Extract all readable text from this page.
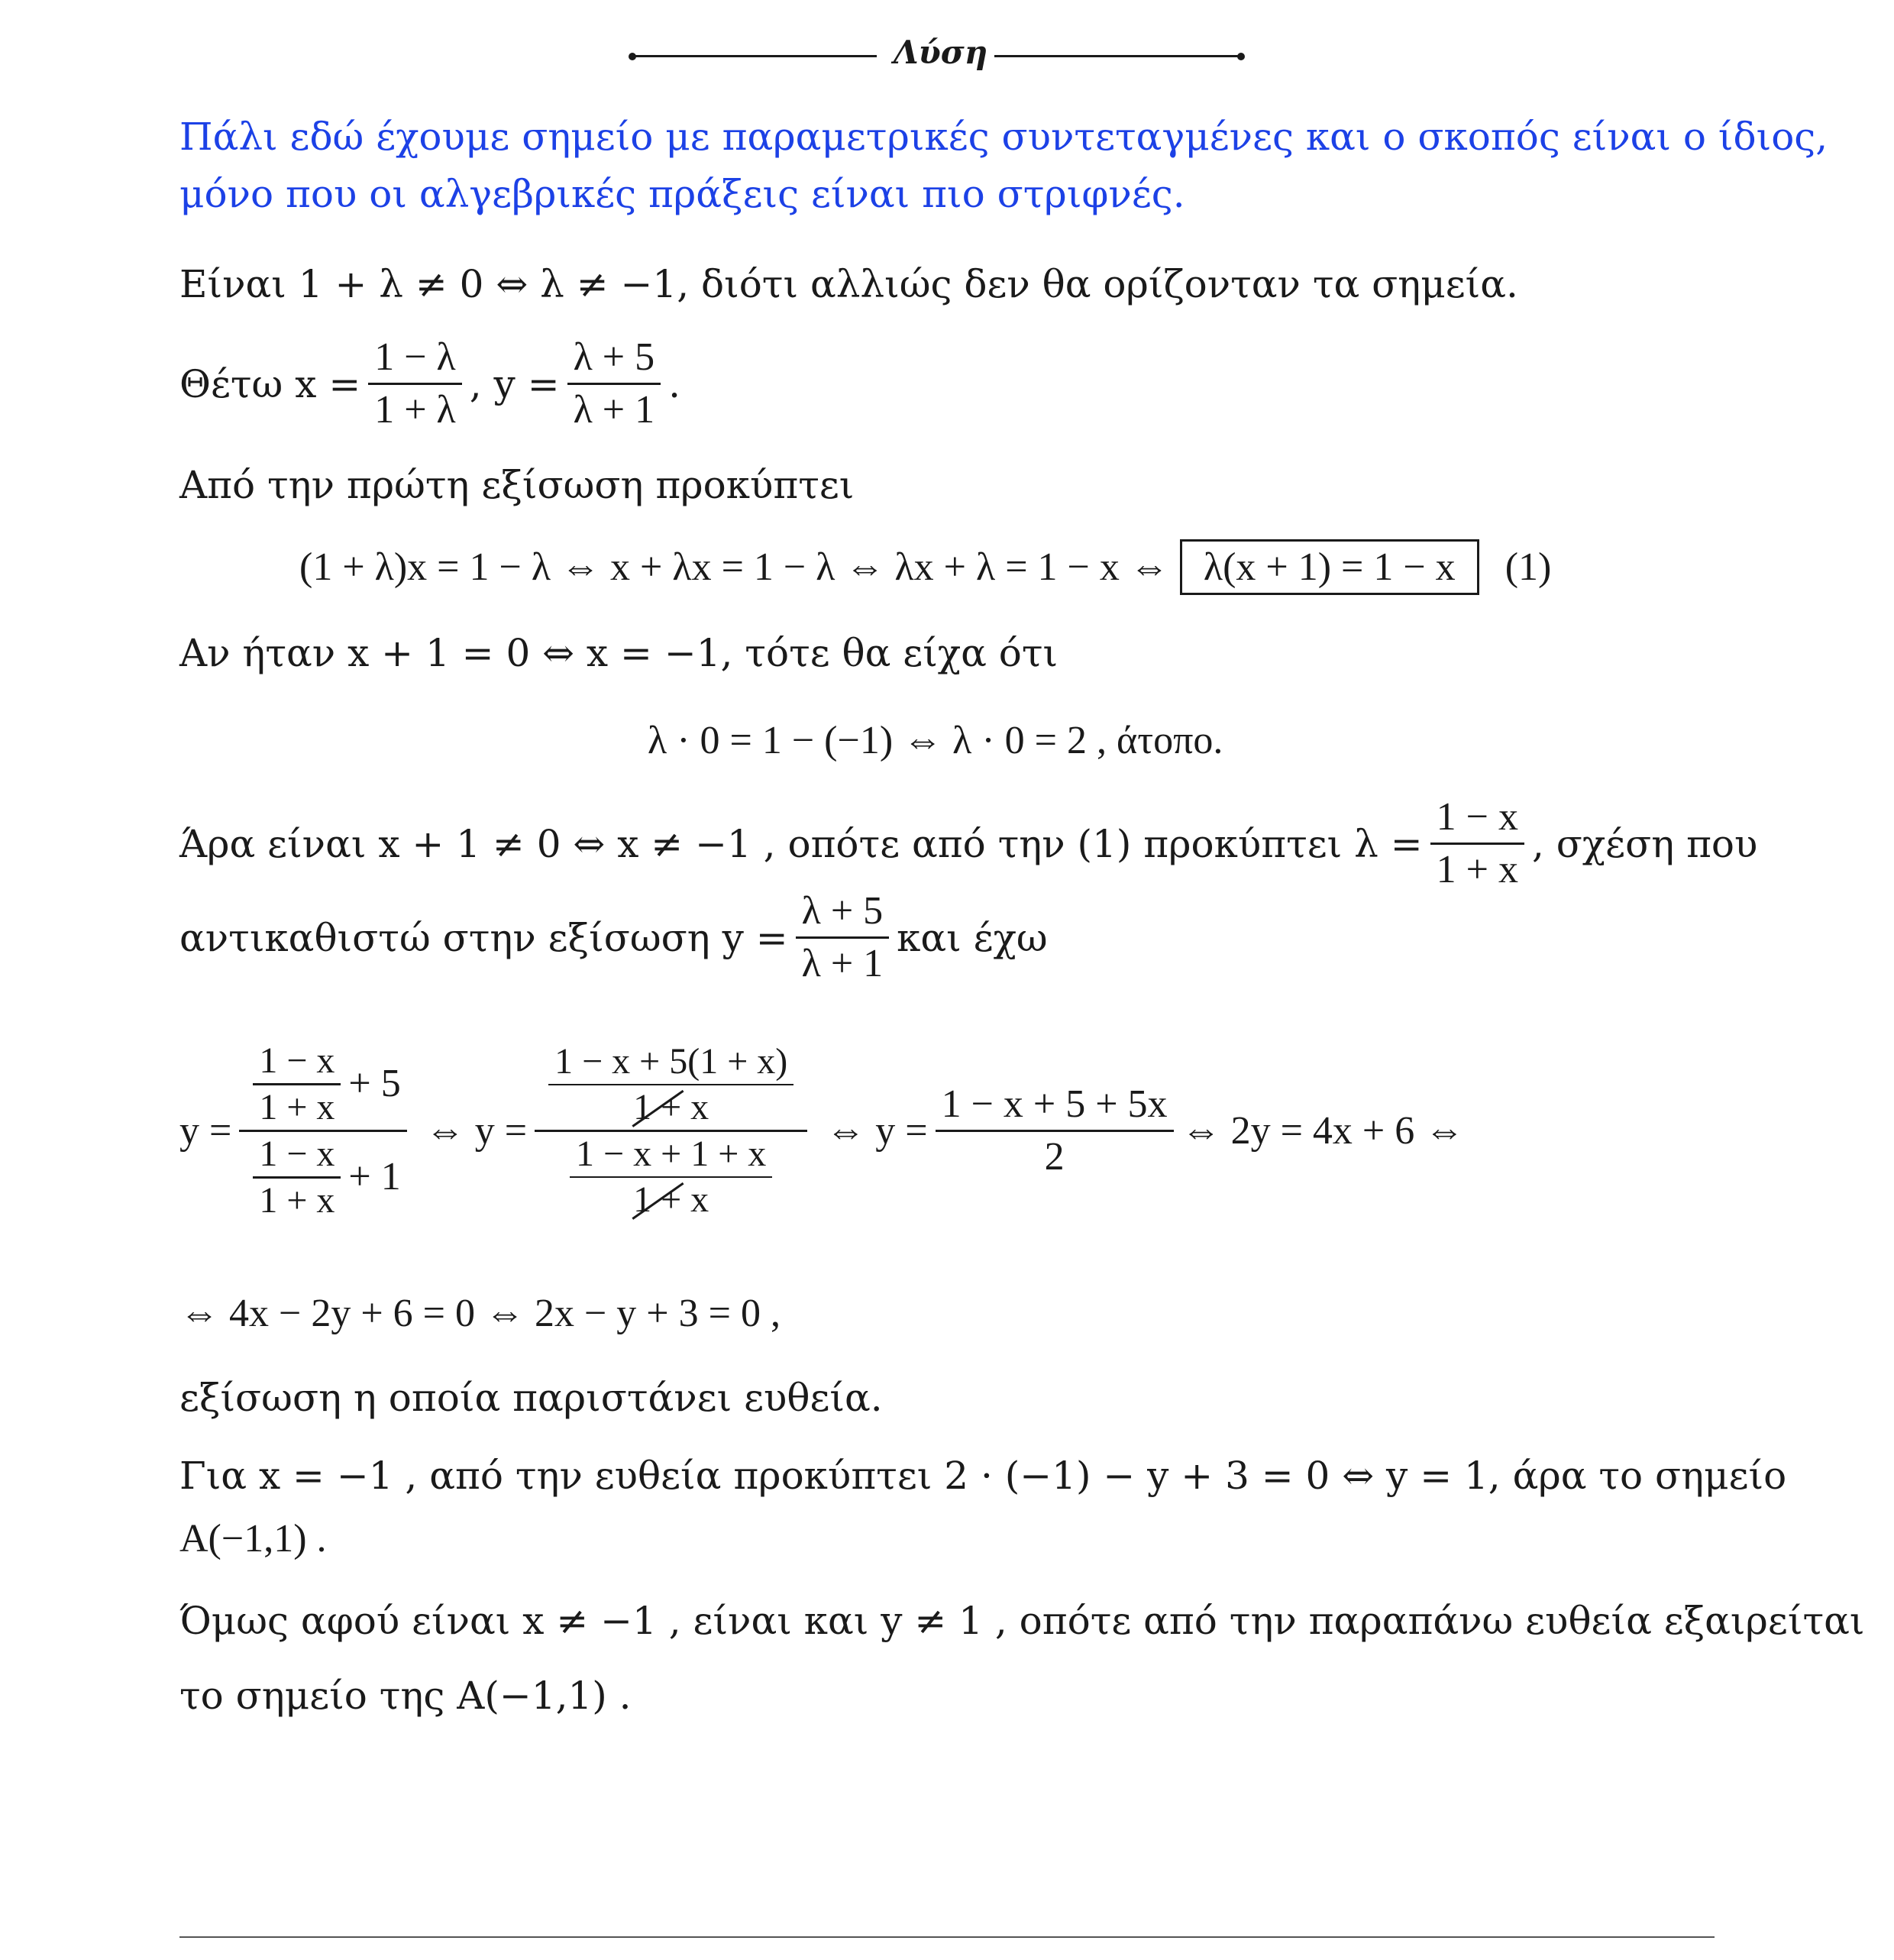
Λύση
Πάλι εδώ έχουμε σημείο με παραμετρικές συντεταγμένες και ο σκοπός είναι ο ίδιος,
μόνο που οι αλγεβρικές πράξεις είναι πιο στριφνές.
Είναι 1 + λ ≠ 0 ⇔ λ ≠ −1, διότι αλλιώς δεν θα ορίζονταν τα σημεία.
Θέτω $x = \frac{1 - \lambda}{1 + \lambda}$ , $y = \frac{\lambda + 5}{\lambda + 1}$ .
Από την πρώτη εξίσωση προκύπτει
(1 + λ)x = 1 − λ ⇔ x + λx = 1 − λ ⇔ λx + λ = 1 − x ⇔ λ(x + 1) = 1 − x	(1)
Αν ήταν x + 1 = 0 ⇔ x = −1, τότε θα είχα ότι
λ · 0 = 1 − (−1) ⇔ λ · 0 = 2 , άτοπο.
Άρα είναι x + 1 ≠ 0 ⇔ x ≠ −1 , οπότε από την (1) προκύπτει $\lambda = \frac{1 - x}{1 + x}$ , σχέση που
αντικαθιστώ στην εξίσωση $y = \frac{\lambda + 5}{\lambda + 1}$ και έχω
$y = \frac{\frac{1 - x}{1 + x} + 5}{\frac{1 - x}{1 + x} + 1}$ ⇔ $y = \frac{\frac{1 - x + 5(1 + x)}{1 + x}}{\frac{1 - x + 1 + x}{1 + x}}$ ⇔ $y = \frac{1 - x + 5 + 5x}{2}$ ⇔ 2y = 4x + 6 ⇔
⇔ 4x − 2y + 6 = 0 ⇔ 2x − y + 3 = 0 ,
εξίσωση η οποία παριστάνει ευθεία.
Για x = −1 , από την ευθεία προκύπτει 2 · (−1) − y + 3 = 0 ⇔ y = 1, άρα το σημείο
A(−1,1) .
Όμως αφού είναι x ≠ −1 , είναι και y ≠ 1 , οπότε από την παραπάνω ευθεία εξαιρείται
το σημείο της A(−1,1) .
